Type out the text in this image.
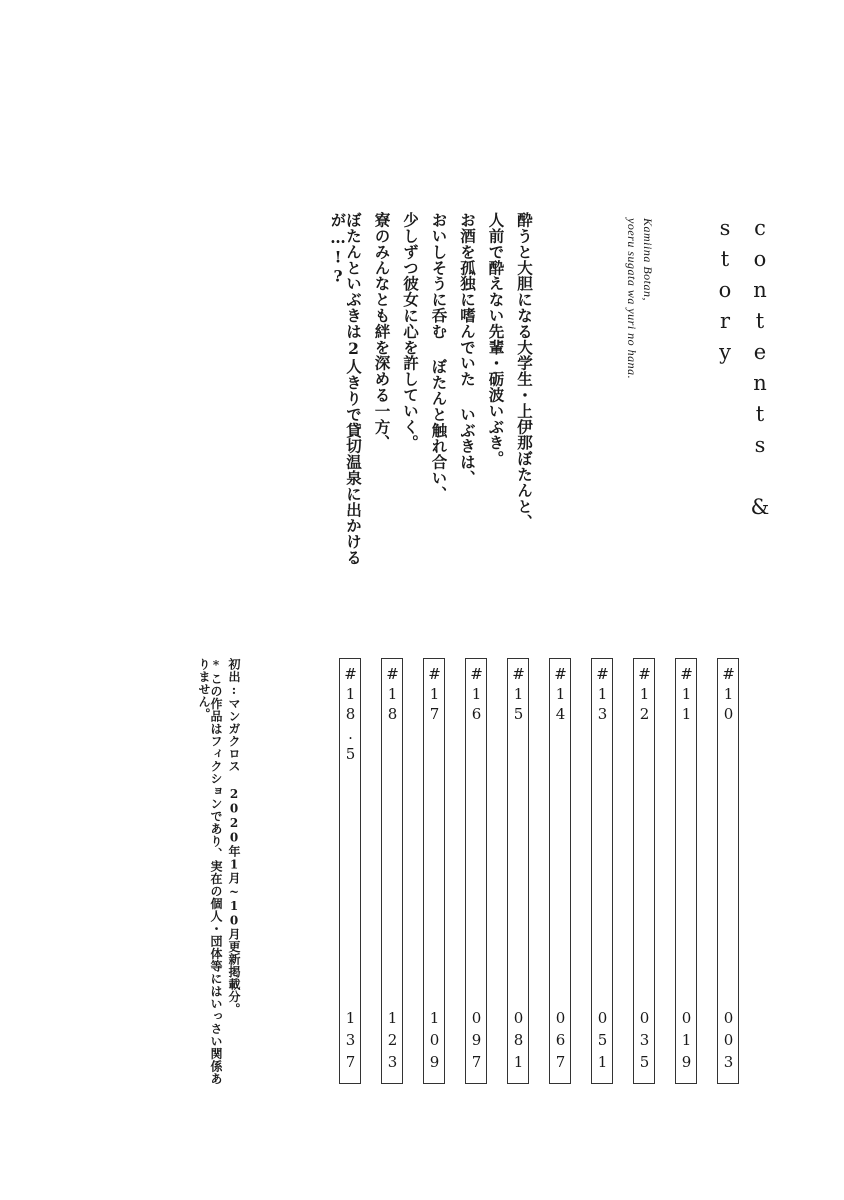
contents &
story
Kamiina Botan,
yoeru sugata wa yuri no hana.
酔うと大胆になる大学生・上伊那ぼたんと、
人前で酔えない先輩・砺波いぶき。
お酒を孤独に嗜んでいた いぶきは、
おいしそうに呑む ぼたんと触れ合い、
少しずつ彼女に心を許していく。
寮のみんなとも絆を深める一方、
ぼたんといぶきは2人きりで貸切温泉に出かけるが…!?
#10
003
#11
019
#12
035
#13
051
#14
067
#15
081
#16
097
#17
109
#18
123
#18.5
137
初出:マンガクロス 2020年1月~10月更新掲載分。
*この作品はフィクションであり、実在の個人・団体等にはいっさい関係ありません。
